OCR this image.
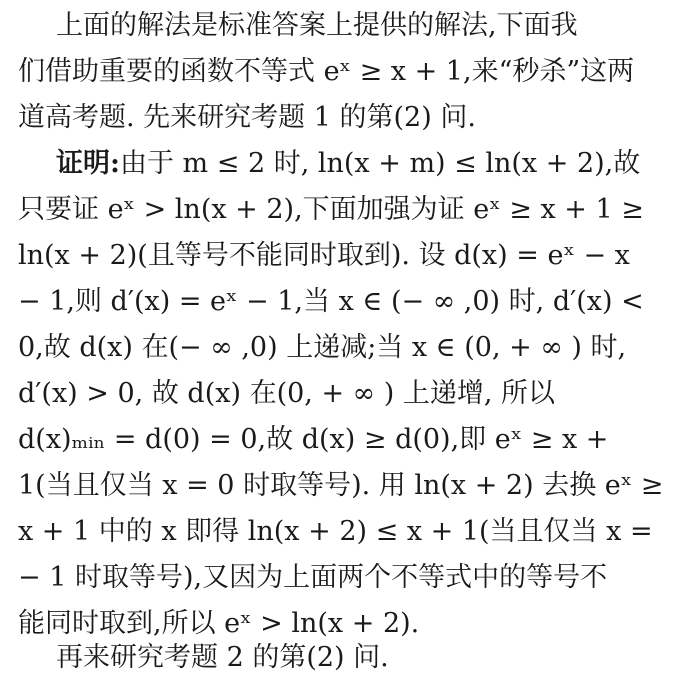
上面的解法是标准答案上提供的解法,下面我
们借助重要的函数不等式 eˣ ≥ x + 1,来“秒杀”这两
道高考题. 先来研究考题 1 的第(2) 问.
证明:由于 m ≤ 2 时, ln(x + m) ≤ ln(x + 2),故
只要证 eˣ > ln(x + 2),下面加强为证 eˣ ≥ x + 1 ≥
ln(x + 2)(且等号不能同时取到). 设 d(x) = eˣ − x
− 1,则 d′(x) = eˣ − 1,当 x ∈ (− ∞ ,0) 时, d′(x) <
0,故 d(x) 在(− ∞ ,0) 上递减;当 x ∈ (0, + ∞ ) 时,
d′(x) > 0, 故 d(x) 在(0, + ∞ ) 上递增, 所以
d(x)ₘᵢₙ = d(0) = 0,故 d(x) ≥ d(0),即 eˣ ≥ x +
1(当且仅当 x = 0 时取等号). 用 ln(x + 2) 去换 eˣ ≥
x + 1 中的 x 即得 ln(x + 2) ≤ x + 1(当且仅当 x =
− 1 时取等号),又因为上面两个不等式中的等号不
能同时取到,所以 eˣ > ln(x + 2).
再来研究考题 2 的第(2) 问.
